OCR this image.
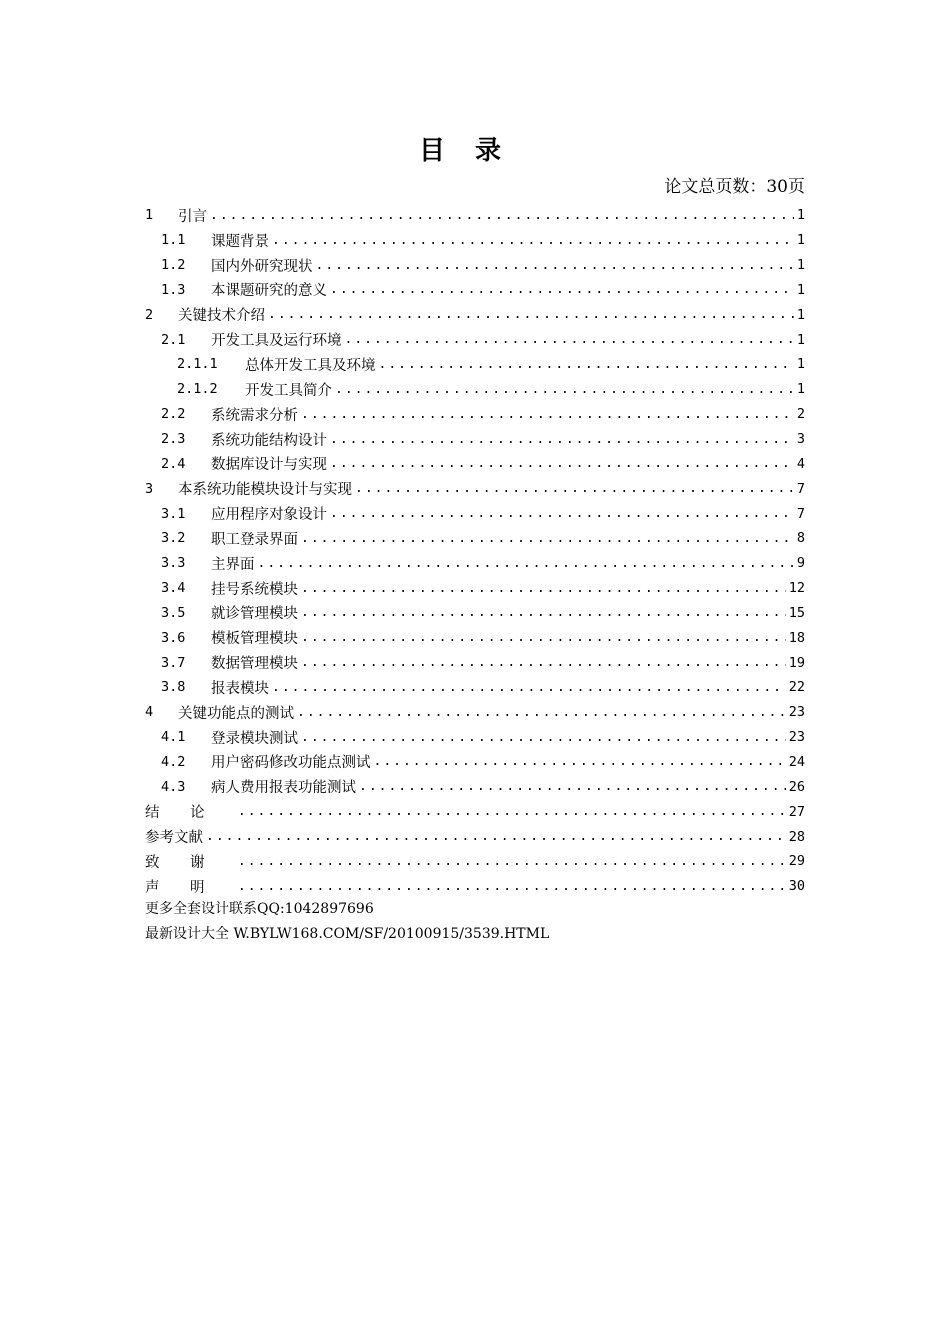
目录
论文总页数：30页
1	引言 .....	1
1.1	课题背景 .....	1
1.2	国内外研究现状 .....	1
1.3	本课题研究的意义 .....	1
2	关键技术介绍 .....	1
2.1	开发工具及运行环境 .....	1
2.1.1	总体开发工具及环境 .....	1
2.1.2	开发工具简介 .....	1
2.2	系统需求分析 .....	2
2.3	系统功能结构设计 .....	3
2.4	数据库设计与实现 .....	4
3	本系统功能模块设计与实现 .....	7
3.1	应用程序对象设计 .....	7
3.2	职工登录界面 .....	8
3.3	主界面 .....	9
3.4	挂号系统模块 .....	12
3.5	就诊管理模块 .....	15
3.6	模板管理模块 .....	18
3.7	数据管理模块 .....	19
3.8	报表模块 .....	22
4	关键功能点的测试 .....	23
4.1	登录模块测试 .....	23
4.2	用户密码修改功能点测试 .....	24
4.3	病人费用报表功能测试 .....	26
结论 .....	27
参考文献 .....	28
致谢 .....	29
声明 .....	30
更多全套设计联系QQ:1042897696
最新设计大全 W.BYLW168.COM/SF/20100915/3539.HTML
